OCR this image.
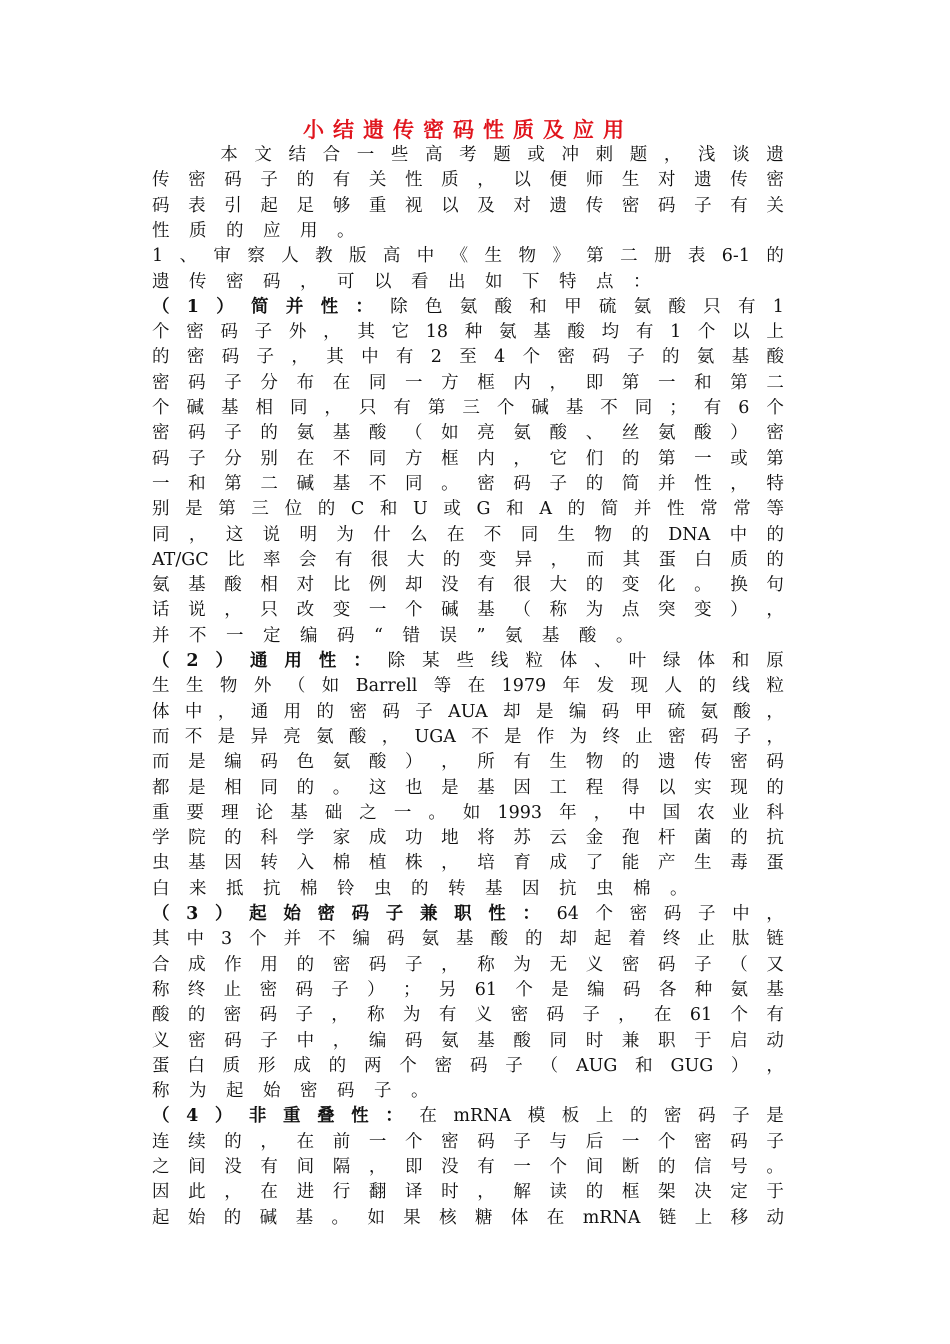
小结遗传密码性质及应用
　　本 文 结 合 一 些 高 考 题 或 冲 刺 题 ， 浅 谈 遗
传 密 码 子 的 有 关 性 质 ， 以 便 师 生 对 遗 传 密
码 表 引 起 足 够 重 视 以 及 对 遗 传 密 码 子 有 关
性 质 的 应 用 。
1 、 审 察 人 教 版 高 中 《 生 物 》 第 二 册 表 6-1 的
遗 传 密 码 ， 可 以 看 出 如 下 特 点 ：
（ 1 ） 简 并 性 ： 除 色 氨 酸 和 甲 硫 氨 酸 只 有 1
个 密 码 子 外 ， 其 它 18 种 氨 基 酸 均 有 1 个 以 上
的 密 码 子 ， 其 中 有 2 至 4 个 密 码 子 的 氨 基 酸
密 码 子 分 布 在 同 一 方 框 内 ， 即 第 一 和 第 二
个 碱 基 相 同 ， 只 有 第 三 个 碱 基 不 同 ； 有 6 个
密 码 子 的 氨 基 酸 （ 如 亮 氨 酸 、 丝 氨 酸 ） 密
码 子 分 别 在 不 同 方 框 内 ， 它 们 的 第 一 或 第
一 和 第 二 碱 基 不 同 。 密 码 子 的 简 并 性 ， 特
别 是 第 三 位 的 C 和 U 或 G 和 A 的 简 并 性 常 常 等
同 ， 这 说 明 为 什 么 在 不 同 生 物 的 DNA 中 的
AT/GC 比 率 会 有 很 大 的 变 异 ， 而 其 蛋 白 质 的
氨 基 酸 相 对 比 例 却 没 有 很 大 的 变 化 。 换 句
话 说 ， 只 改 变 一 个 碱 基 （ 称 为 点 突 变 ） ，
并 不 一 定 编 码 “ 错 误 ” 氨 基 酸 。
（ 2 ） 通 用 性 ： 除 某 些 线 粒 体 、 叶 绿 体 和 原
生 生 物 外 （ 如 Barrell 等 在 1979 年 发 现 人 的 线 粒
体 中 ， 通 用 的 密 码 子 AUA 却 是 编 码 甲 硫 氨 酸 ，
而 不 是 异 亮 氨 酸 ， UGA 不 是 作 为 终 止 密 码 子 ，
而 是 编 码 色 氨 酸 ） ， 所 有 生 物 的 遗 传 密 码
都 是 相 同 的 。 这 也 是 基 因 工 程 得 以 实 现 的
重 要 理 论 基 础 之 一 。 如 1993 年 ， 中 国 农 业 科
学 院 的 科 学 家 成 功 地 将 苏 云 金 孢 杆 菌 的 抗
虫 基 因 转 入 棉 植 株 ， 培 育 成 了 能 产 生 毒 蛋
白 来 抵 抗 棉 铃 虫 的 转 基 因 抗 虫 棉 。
（ 3 ） 起 始 密 码 子 兼 职 性 ： 64 个 密 码 子 中 ，
其 中 3 个 并 不 编 码 氨 基 酸 的 却 起 着 终 止 肽 链
合 成 作 用 的 密 码 子 ， 称 为 无 义 密 码 子 （ 又
称 终 止 密 码 子 ） ； 另 61 个 是 编 码 各 种 氨 基
酸 的 密 码 子 ， 称 为 有 义 密 码 子 ， 在 61 个 有
义 密 码 子 中 ， 编 码 氨 基 酸 同 时 兼 职 于 启 动
蛋 白 质 形 成 的 两 个 密 码 子 （ AUG 和 GUG ） ，
称 为 起 始 密 码 子 。
（ 4 ） 非 重 叠 性 ： 在 mRNA 模 板 上 的 密 码 子 是
连 续 的 ， 在 前 一 个 密 码 子 与 后 一 个 密 码 子
之 间 没 有 间 隔 ， 即 没 有 一 个 间 断 的 信 号 。
因 此 ， 在 进 行 翻 译 时 ， 解 读 的 框 架 决 定 于
起 始 的 碱 基 。 如 果 核 糖 体 在 mRNA 链 上 移 动
